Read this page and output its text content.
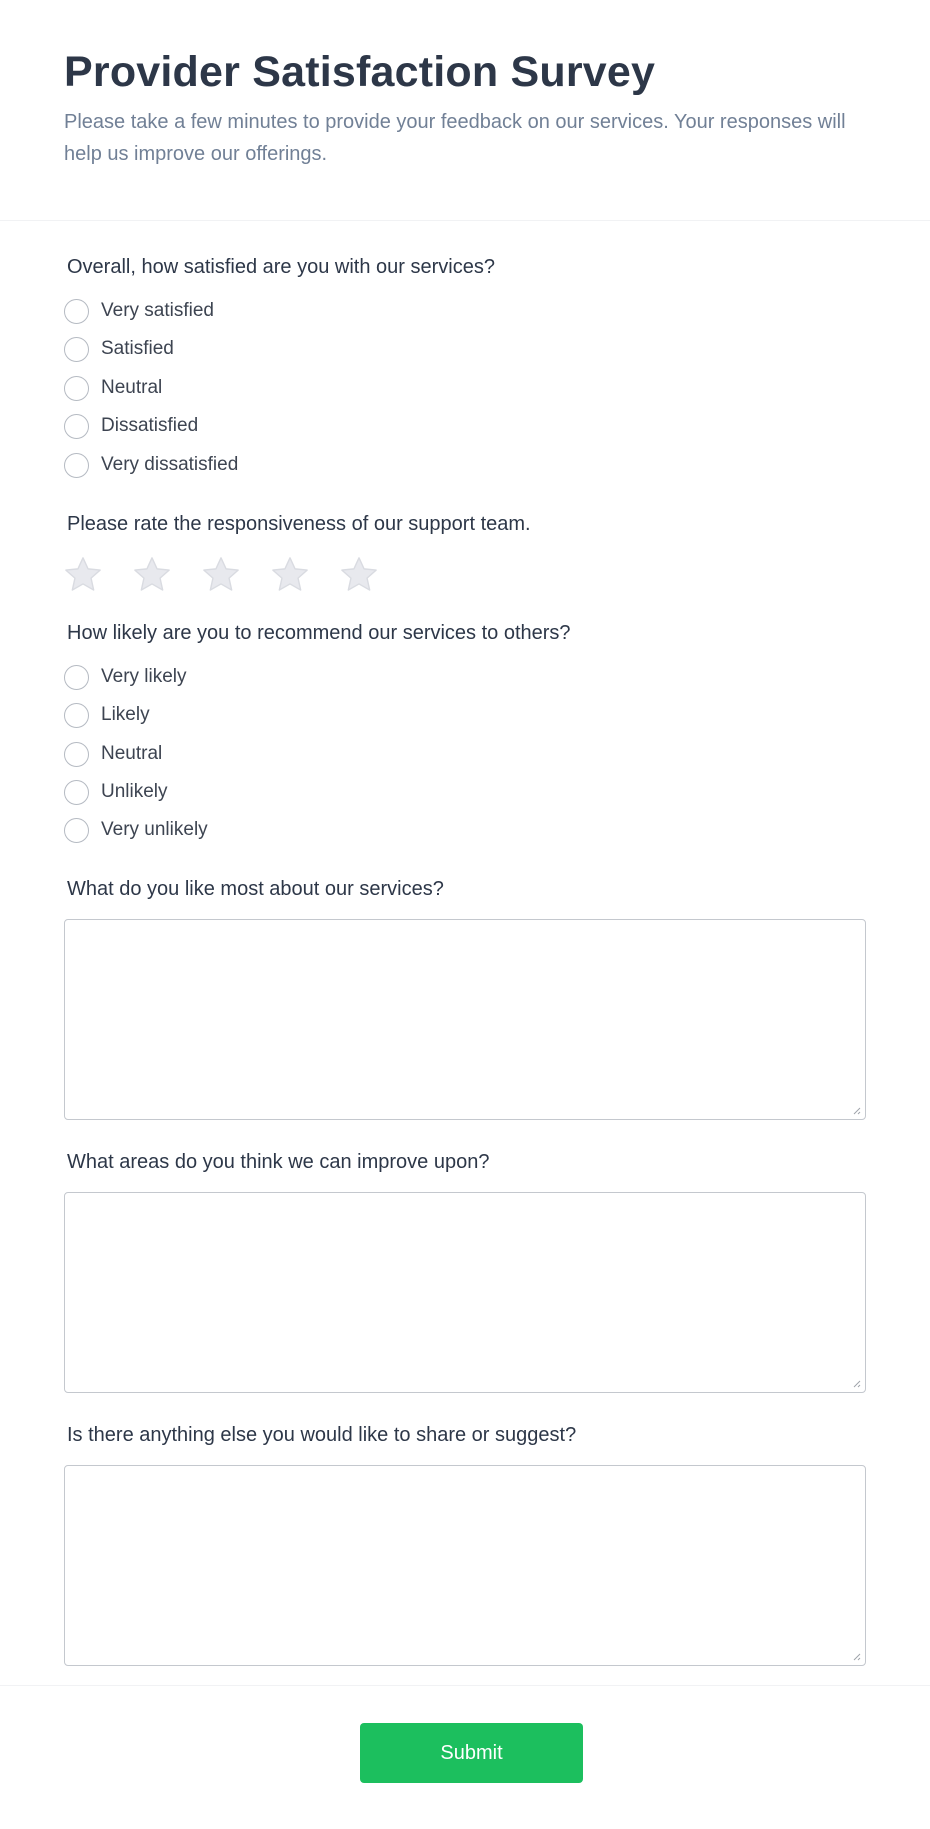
Provider Satisfaction Survey

Please take a few minutes to provide your feedback on our services. Your responses will help us improve our offerings.

Overall, how satisfied are you with our services?
Very satisfied
Satisfied
Neutral
Dissatisfied
Very dissatisfied
Please rate the responsiveness of our support team.
How likely are you to recommend our services to others?
Very likely
Likely
Neutral
Unlikely
Very unlikely
What do you like most about our services?
What areas do you think we can improve upon?
Is there anything else you would like to share or suggest?
Submit
